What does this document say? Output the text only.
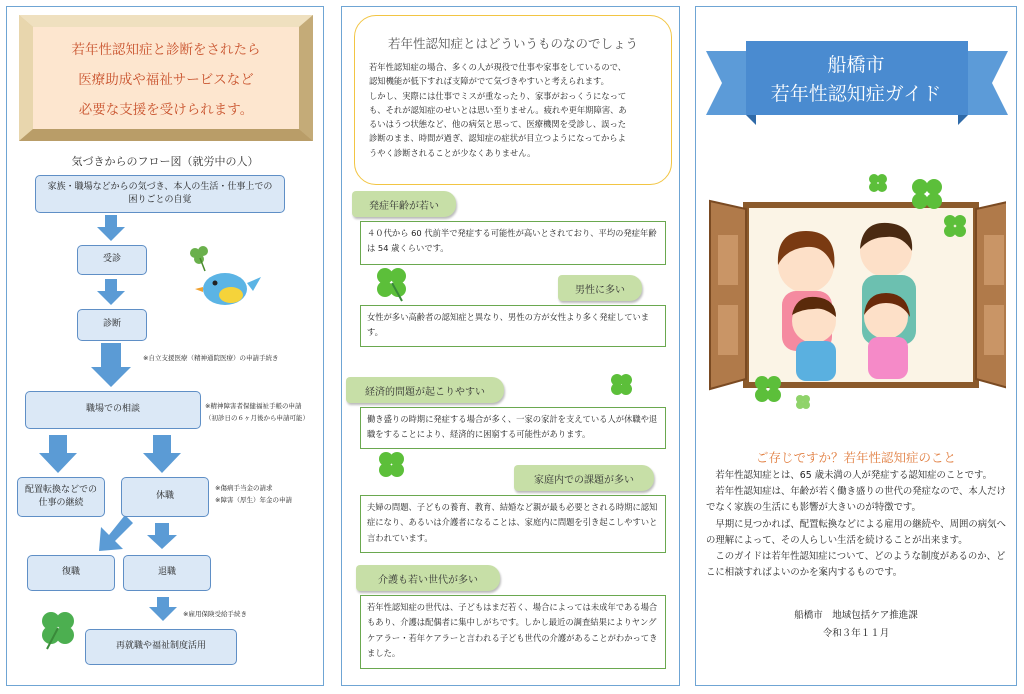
若年性認知症と診断をされたら
医療助成や福祉サービスなど
必要な支援を受けられます。
気づきからのフロー図（就労中の人）
家族・職場などからの気づき、本人の生活・仕事上での
困りごとの自覚
受診
診断
※自立支援医療（精神通院医療）の申請手続き
職場での相談	※精神障害者保健福祉手帳の申請
（初診日の６ヶ月後から申請可能）
配置転換などでの
仕事の継続
休職
※傷病手当金の請求
※障害（厚生）年金の申請
復職	退職
※雇用保険受給手続き
再就職や福祉制度活用
若年性認知症とはどういうものなのでしょう
若年性認知症の場合、多くの人が現役で仕事や家事をしているので、
認知機能が低下すれば支障がでて気づきやすいと考えられます。
しかし、実際には仕事でミスが重なったり、家事がおっくうになって
も、それが認知症のせいとは思い至りません。疲れや更年期障害、あ
るいはうつ状態など、他の病気と思って、医療機関を受診し、誤った
診断のまま、時間が過ぎ、認知症の症状が目立つようになってからよ
うやく診断されることが少なくありません。
発症年齢が若い
４０代から 60 代前半で発症する可能性が高いとされており、平均の発症年齢は 54 歳くらいです。
男性に多い
女性が多い高齢者の認知症と異なり、男性の方が女性より多く発症しています。
経済的問題が起こりやすい
働き盛りの時期に発症する場合が多く、一家の家計を支えている人が休職や退職をすることにより、経済的に困窮する可能性があります。
家庭内での課題が多い
夫婦の問題、子どもの養育、教育、結婚など親が最も必要とされる時期に認知症になり、あるいは介護者になることは、家庭内に問題を引き起こしやすいと言われています。
介護も若い世代が多い
若年性認知症の世代は、子どもはまだ若く、場合によっては未成年である場合もあり、介護は配偶者に集中しがちです。しかし最近の調査結果によりヤングケアラー・若年ケアラーと言われる子ども世代の介護があることがわかってきました。
船橋市
若年性認知症ガイド
ご存じですか？若年性認知症のこと

若年性認知症とは、65 歳未満の人が発症する認知症のことです。

若年性認知症は、年齢が若く働き盛りの世代の発症なので、本人だけでなく家族の生活にも影響が大きいのが特徴です。

早期に見つかれば、配置転換などによる雇用の継続や、周囲の病気への理解によって、その人らしい生活を続けることが出来ます。

このガイドは若年性認知症について、どのような制度があるのか、どこに相談すればよいのかを案内するものです。

船橋市　地域包括ケア推進課
令和３年１１月
